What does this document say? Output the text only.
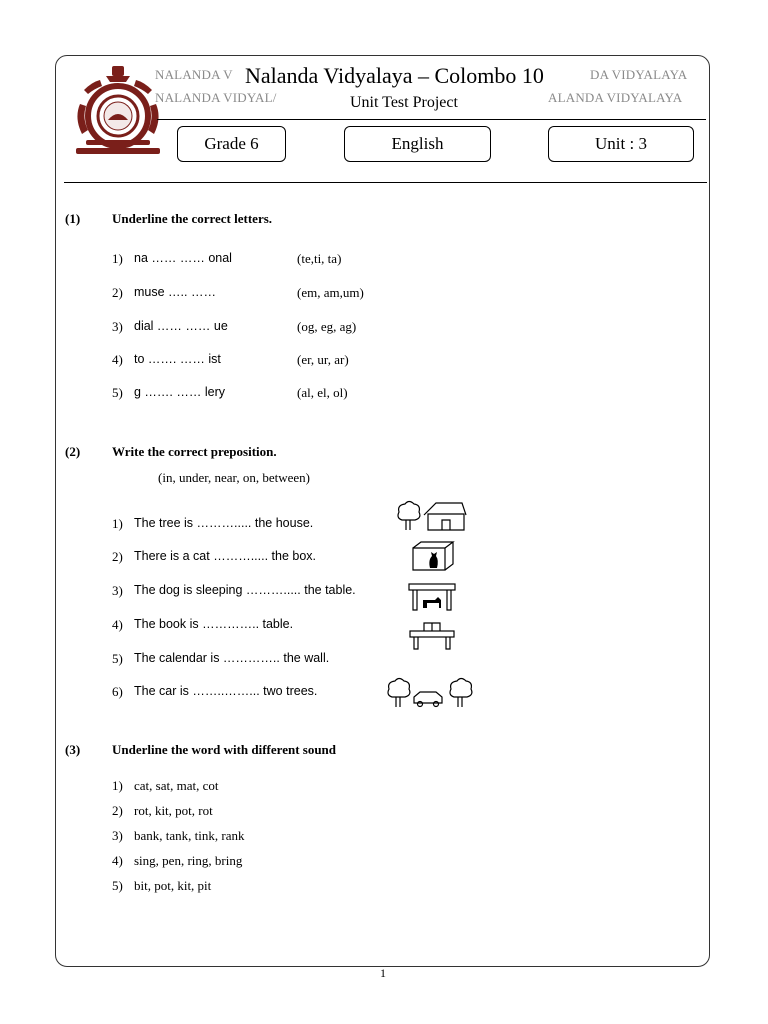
NALANDA V
NALANDA VIDYAL/
DA VIDYALAYA
ALANDA VIDYALAYA
Nalanda Vidyalaya – Colombo 10
Unit Test Project
Grade 6	English	Unit : 3
(1) Underline the correct letters.
1) na …… …… onal	(te,ti, ta)
2) muse ….. ……	(em, am,um)
3) dial …… …… ue	(og, eg, ag)
4) to ……. …… ist	(er, ur, ar)
5) g ……. …… lery	(al, el, ol)
(2) Write the correct preposition.
(in, under, near, on, between)
1) The tree is ………..... the house.
2) There is a cat ………..... the box.
3) The dog is sleeping ………..... the table.
4) The book is ………….. table.
5) The calendar is ………….. the wall.
6) The car is ……..……... two trees.
(3) Underline the word with different sound
1) cat, sat, mat, cot
2) rot, kit, pot, rot
3) bank, tank, tink, rank
4) sing, pen, ring, bring
5) bit, pot, kit, pit
1
